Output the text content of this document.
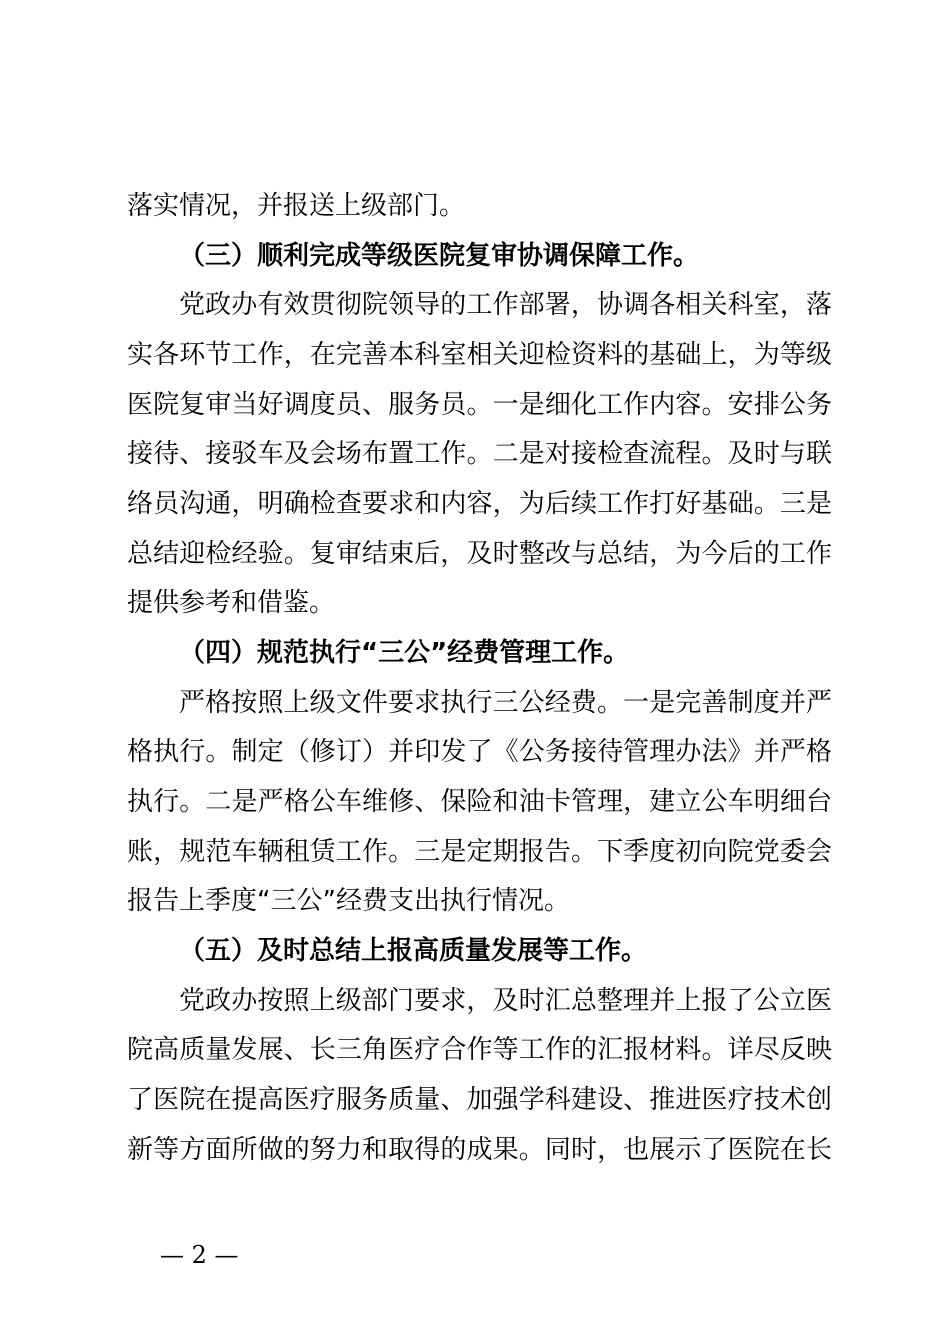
落实情况，并报送上级部门。
（三）顺利完成等级医院复审协调保障工作。
党政办有效贯彻院领导的工作部署，协调各相关科室，落
实各环节工作，在完善本科室相关迎检资料的基础上，为等级
医院复审当好调度员、服务员。一是细化工作内容。安排公务
接待、接驳车及会场布置工作。二是对接检查流程。及时与联
络员沟通，明确检查要求和内容，为后续工作打好基础。三是
总结迎检经验。复审结束后，及时整改与总结，为今后的工作
提供参考和借鉴。
（四）规范执行“三公”经费管理工作。
严格按照上级文件要求执行三公经费。一是完善制度并严
格执行。制定（修订）并印发了《公务接待管理办法》并严格
执行。二是严格公车维修、保险和油卡管理，建立公车明细台
账，规范车辆租赁工作。三是定期报告。下季度初向院党委会
报告上季度“三公”经费支出执行情况。
（五）及时总结上报高质量发展等工作。
党政办按照上级部门要求，及时汇总整理并上报了公立医
院高质量发展、长三角医疗合作等工作的汇报材料。详尽反映
了医院在提高医疗服务质量、加强学科建设、推进医疗技术创
新等方面所做的努力和取得的成果。同时，也展示了医院在长
— 2 —
